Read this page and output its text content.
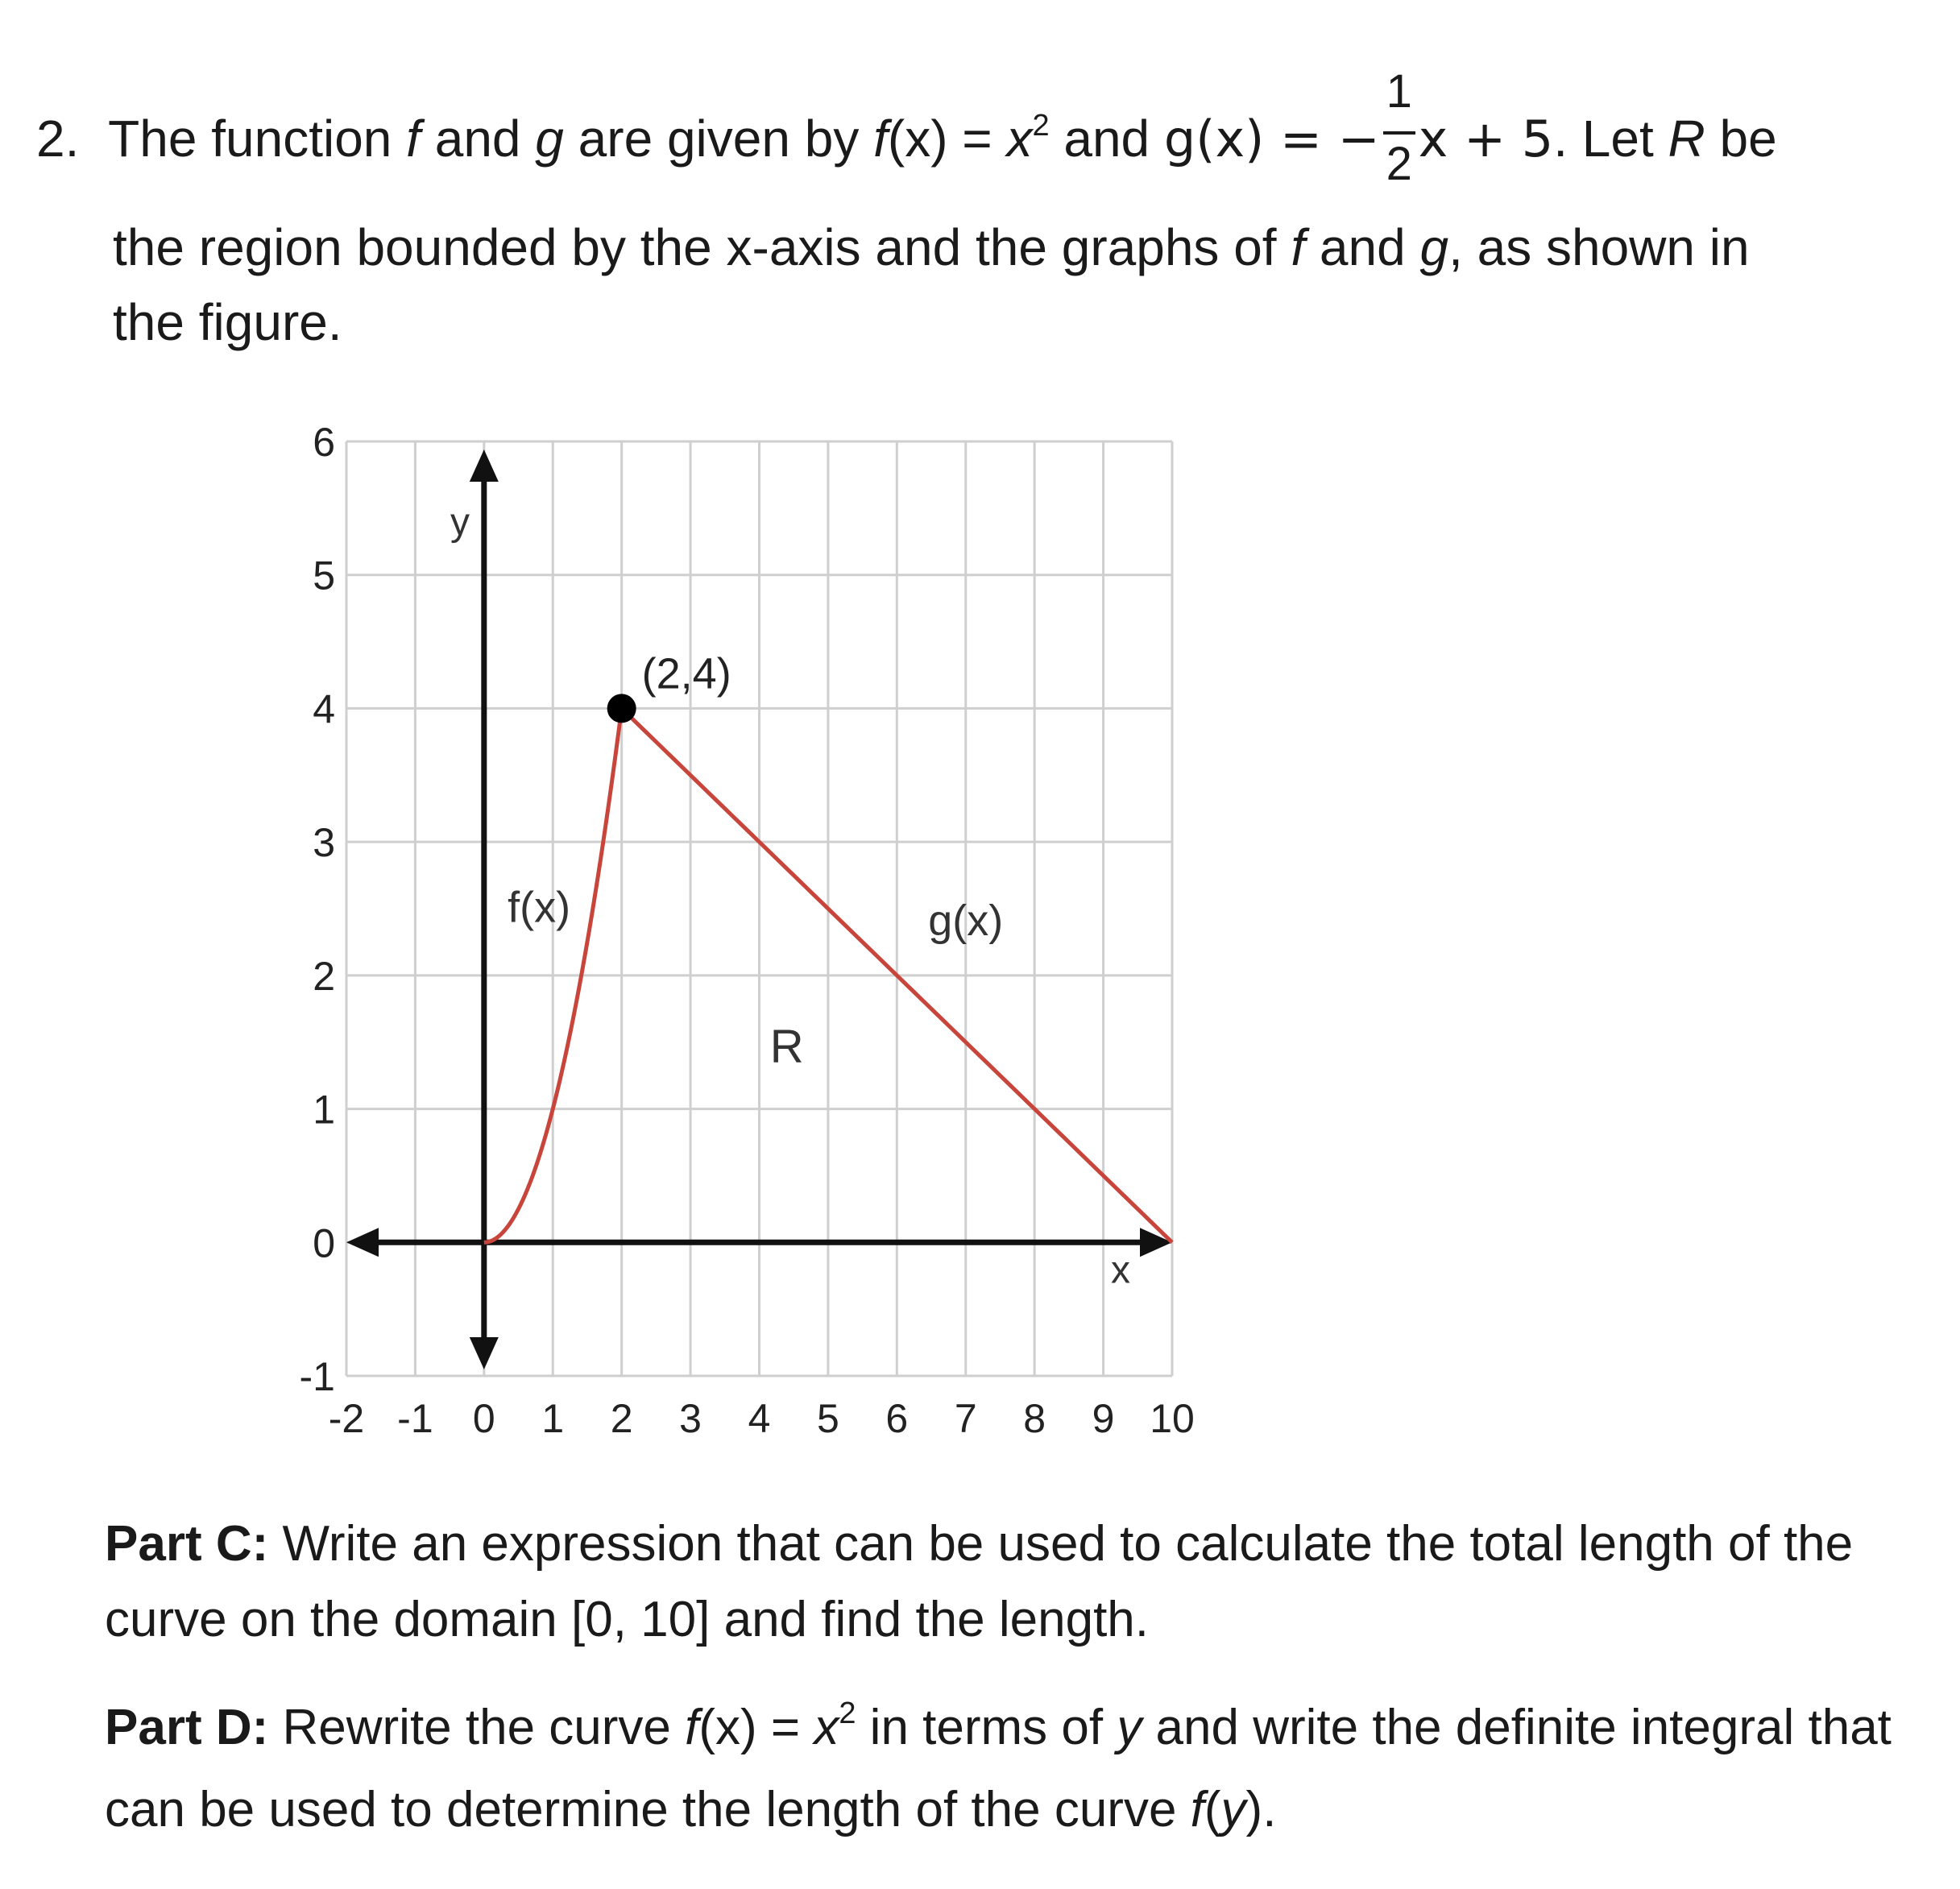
2. The function f and g are given by $f(x) = x^2$ and g(x) = − $\frac{1}{2}$ x + 5. Let R be
the region bounded by the x-axis and the graphs of f and g, as shown in
the figure.
-2 -1 0 1 2 3 4 5 6 7 8 9 10
-1
0
1
2
3
4
5
6
x
y
(2,4)
f(x)	g(x)
R
Part C: Write an expression that can be used to calculate the total length of the curve on the domain [0, 10] and find the length.
Part D: Rewrite the curve $f(x) = x^2$ in terms of y and write the definite integral that can be used to determine the length of the curve f(y).
